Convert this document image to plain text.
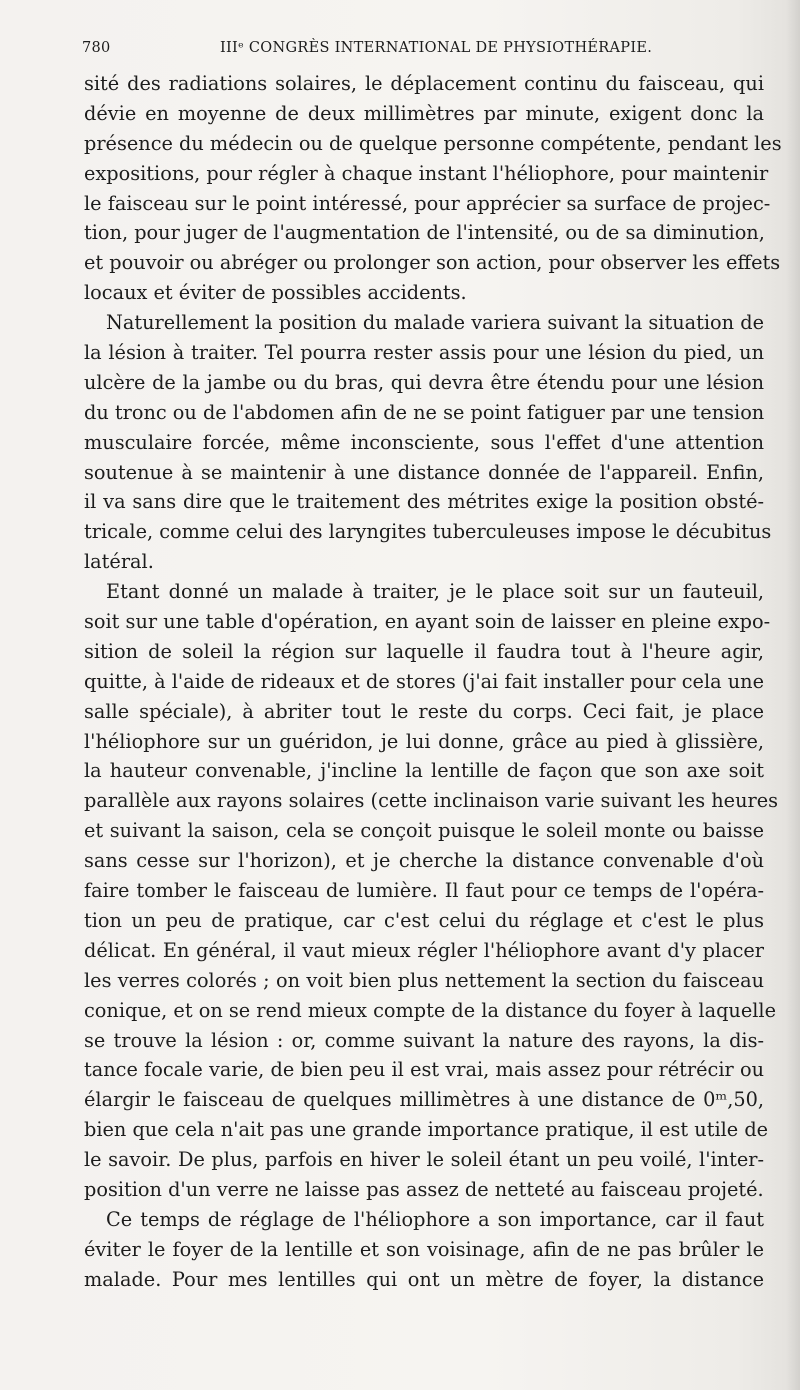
780	IIIᵉ CONGRÈS INTERNATIONAL DE PHYSIOTHÉRAPIE.
sité des radiations solaires, le déplacement continu du faisceau, qui
dévie en moyenne de deux millimètres par minute, exigent donc la
présence du médecin ou de quelque personne compétente, pendant les
expositions, pour régler à chaque instant l'héliophore, pour maintenir
le faisceau sur le point intéressé, pour apprécier sa surface de projec-
tion, pour juger de l'augmentation de l'intensité, ou de sa diminution,
et pouvoir ou abréger ou prolonger son action, pour observer les effets
locaux et éviter de possibles accidents.
Naturellement la position du malade variera suivant la situation de
la lésion à traiter. Tel pourra rester assis pour une lésion du pied, un
ulcère de la jambe ou du bras, qui devra être étendu pour une lésion
du tronc ou de l'abdomen afin de ne se point fatiguer par une tension
musculaire forcée, même inconsciente, sous l'effet d'une attention
soutenue à se maintenir à une distance donnée de l'appareil. Enfin,
il va sans dire que le traitement des métrites exige la position obsté-
tricale, comme celui des laryngites tuberculeuses impose le décubitus
latéral.
Etant donné un malade à traiter, je le place soit sur un fauteuil,
soit sur une table d'opération, en ayant soin de laisser en pleine expo-
sition de soleil la région sur laquelle il faudra tout à l'heure agir,
quitte, à l'aide de rideaux et de stores (j'ai fait installer pour cela une
salle spéciale), à abriter tout le reste du corps. Ceci fait, je place
l'héliophore sur un guéridon, je lui donne, grâce au pied à glissière,
la hauteur convenable, j'incline la lentille de façon que son axe soit
parallèle aux rayons solaires (cette inclinaison varie suivant les heures
et suivant la saison, cela se conçoit puisque le soleil monte ou baisse
sans cesse sur l'horizon), et je cherche la distance convenable d'où
faire tomber le faisceau de lumière. Il faut pour ce temps de l'opéra-
tion un peu de pratique, car c'est celui du réglage et c'est le plus
délicat. En général, il vaut mieux régler l'héliophore avant d'y placer
les verres colorés ; on voit bien plus nettement la section du faisceau
conique, et on se rend mieux compte de la distance du foyer à laquelle
se trouve la lésion : or, comme suivant la nature des rayons, la dis-
tance focale varie, de bien peu il est vrai, mais assez pour rétrécir ou
élargir le faisceau de quelques millimètres à une distance de 0ᵐ,50,
bien que cela n'ait pas une grande importance pratique, il est utile de
le savoir. De plus, parfois en hiver le soleil étant un peu voilé, l'inter-
position d'un verre ne laisse pas assez de netteté au faisceau projeté.
Ce temps de réglage de l'héliophore a son importance, car il faut
éviter le foyer de la lentille et son voisinage, afin de ne pas brûler le
malade. Pour mes lentilles qui ont un mètre de foyer, la distance
